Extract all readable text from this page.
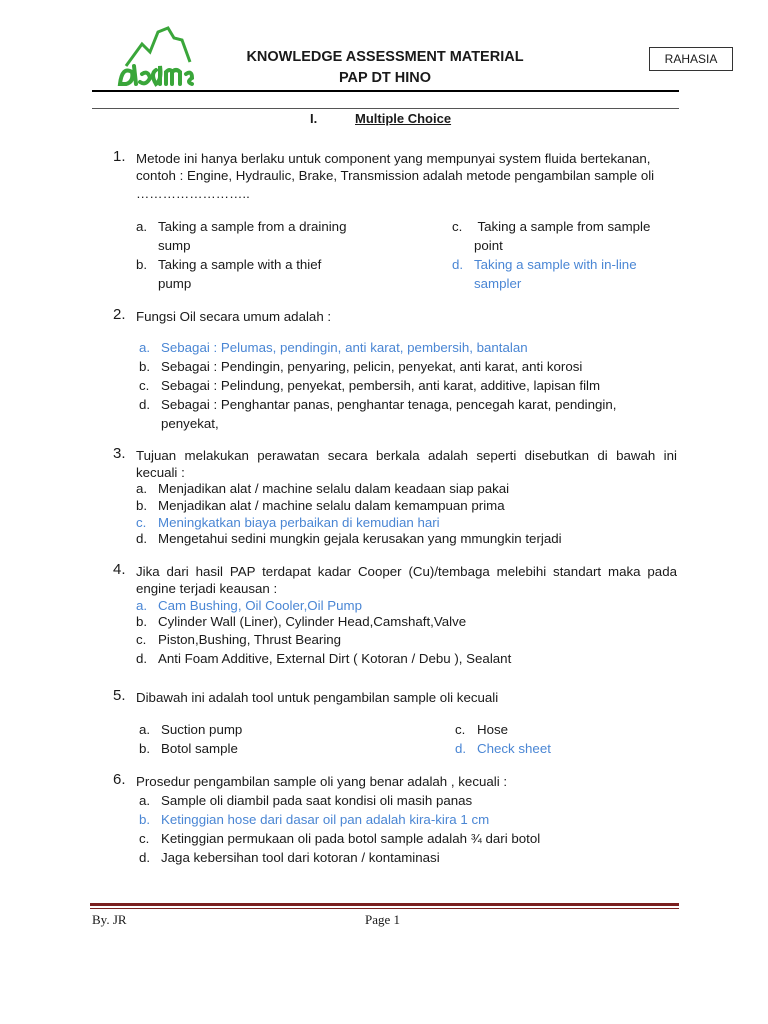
KNOWLEDGE ASSESSMENT MATERIAL
PAP DT HINO
RAHASIA
I.	Multiple Choice
1. Metode ini hanya berlaku untuk component yang mempunyai system fluida bertekanan,
contoh : Engine, Hydraulic, Brake, Transmission adalah metode pengambilan sample oli
……………………..
a. Taking a sample from a draining
sump
b. Taking a sample with a thief
pump
c. Taking a sample from sample
point
d. Taking a sample with in-line
sampler
2. Fungsi Oil secara umum adalah :
a. Sebagai : Pelumas, pendingin, anti karat, pembersih, bantalan
b. Sebagai : Pendingin, penyaring, pelicin, penyekat, anti karat, anti korosi
c. Sebagai : Pelindung, penyekat, pembersih, anti karat, additive, lapisan film
d. Sebagai : Penghantar panas, penghantar tenaga, pencegah karat, pendingin,
penyekat,
3. Tujuan melakukan perawatan secara berkala adalah seperti disebutkan di bawah ini
kecuali :
a. Menjadikan alat / machine selalu dalam keadaan siap pakai
b. Menjadikan alat / machine selalu dalam kemampuan prima
c. Meningkatkan biaya perbaikan di kemudian hari
d. Mengetahui sedini mungkin gejala kerusakan yang mmungkin terjadi
4. Jika dari hasil PAP terdapat kadar Cooper (Cu)/tembaga melebihi standart maka pada
engine terjadi keausan :
a. Cam Bushing, Oil Cooler,Oil Pump
b. Cylinder Wall (Liner), Cylinder Head,Camshaft,Valve
c. Piston,Bushing, Thrust Bearing
d. Anti Foam Additive, External Dirt ( Kotoran / Debu ), Sealant
5. Dibawah ini adalah tool untuk pengambilan sample oli kecuali
a. Suction pump
b. Botol sample
c. Hose
d. Check sheet
6. Prosedur pengambilan sample oli yang benar adalah , kecuali :
a. Sample oli diambil pada saat kondisi oli masih panas
b. Ketinggian hose dari dasar oil pan adalah kira-kira 1 cm
c. Ketinggian permukaan oli pada botol sample adalah ¾ dari botol
d. Jaga kebersihan tool dari kotoran / kontaminasi
By. JR	Page 1
